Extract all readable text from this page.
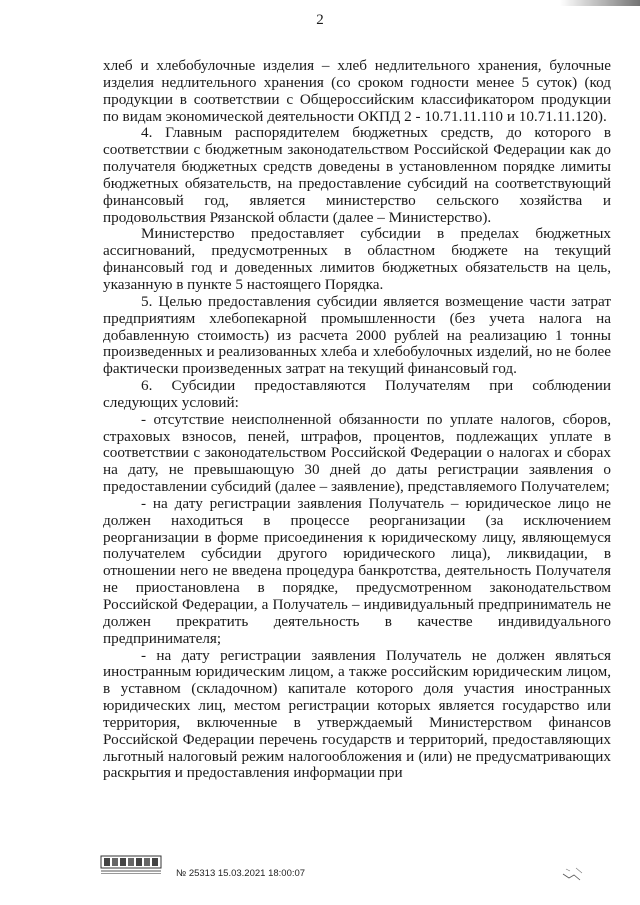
2

хлеб и хлебобулочные изделия – хлеб недлительного хранения, булочные изделия недлительного хранения (со сроком годности менее 5 суток) (код продукции в соответствии с Общероссийским классификатором продукции по видам экономической деятельности ОКПД 2 - 10.71.11.110 и 10.71.11.120).

4. Главным распорядителем бюджетных средств, до которого в соответствии с бюджетным законодательством Российской Федерации как до получателя бюджетных средств доведены в установленном порядке лимиты бюджетных обязательств, на предоставление субсидий на соответствующий финансовый год, является министерство сельского хозяйства и продовольствия Рязанской области (далее – Министерство).

Министерство предоставляет субсидии в пределах бюджетных ассигнований, предусмотренных в областном бюджете на текущий финансовый год и доведенных лимитов бюджетных обязательств на цель, указанную в пункте 5 настоящего Порядка.

5. Целью предоставления субсидии является возмещение части затрат предприятиям хлебопекарной промышленности (без учета налога на добавленную стоимость) из расчета 2000 рублей на реализацию 1 тонны произведенных и реализованных хлеба и хлебобулочных изделий, но не более фактически произведенных затрат на текущий финансовый год.

6. Субсидии предоставляются Получателям при соблюдении следующих условий:

- отсутствие неисполненной обязанности по уплате налогов, сборов, страховых взносов, пеней, штрафов, процентов, подлежащих уплате в соответствии с законодательством Российской Федерации о налогах и сборах на дату, не превышающую 30 дней до даты регистрации заявления о предоставлении субсидий (далее – заявление), представляемого Получателем;

- на дату регистрации заявления Получатель – юридическое лицо не должен находиться в процессе реорганизации (за исключением реорганизации в форме присоединения к юридическому лицу, являющемуся получателем субсидии другого юридического лица), ликвидации, в отношении него не введена процедура банкротства, деятельность Получателя не приостановлена в порядке, предусмотренном законодательством Российской Федерации, а Получатель – индивидуальный предприниматель не должен прекратить деятельность в качестве индивидуального предпринимателя;

- на дату регистрации заявления Получатель не должен являться иностранным юридическим лицом, а также российским юридическим лицом, в уставном (складочном) капитале которого доля участия иностранных юридических лиц, местом регистрации которых является государство или территория, включенные в утверждаемый Министерством финансов Российской Федерации перечень государств и территорий, предоставляющих льготный налоговый режим налогообложения и (или) не предусматривающих раскрытия и предоставления информации при

№ 25313 15.03.2021 18:00:07
